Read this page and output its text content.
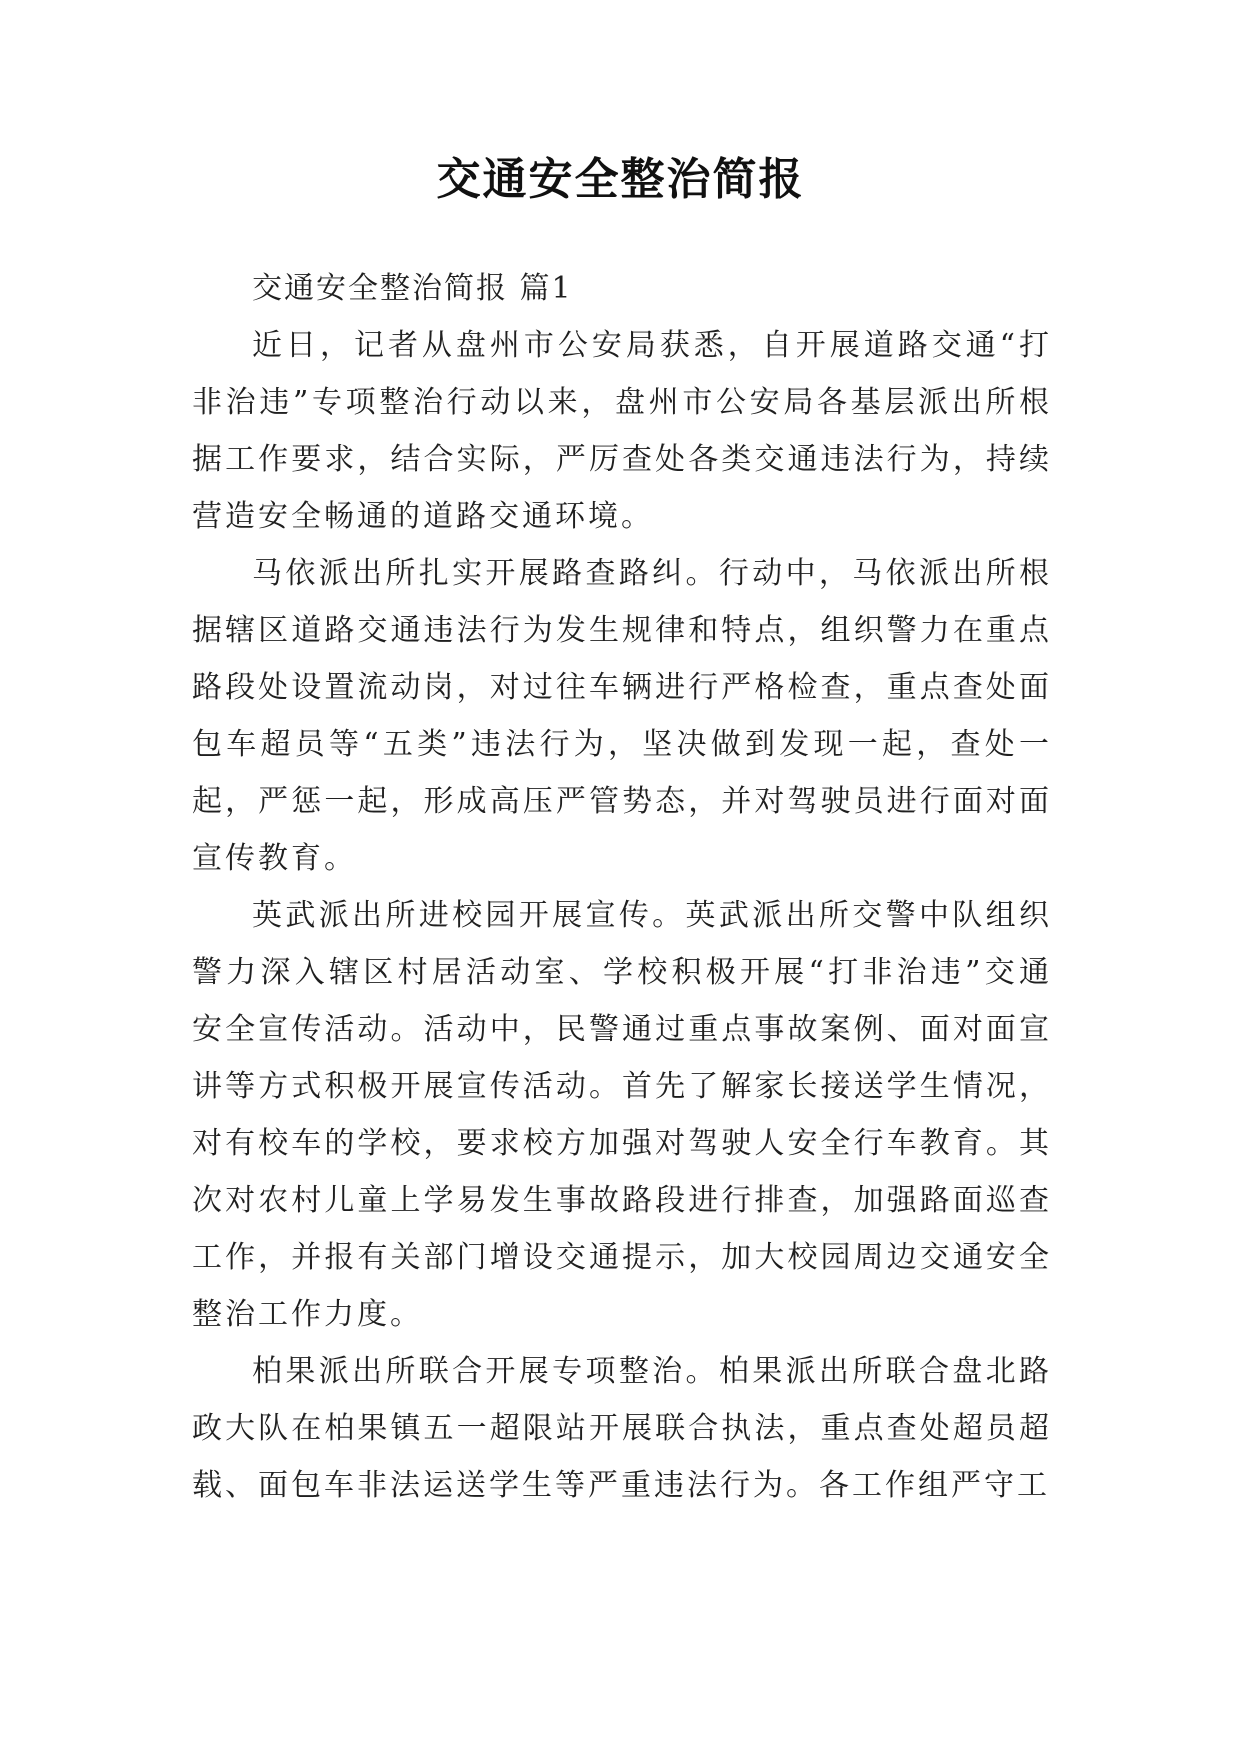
交通安全整治简报

交通安全整治简报 篇1

近日，记者从盘州市公安局获悉，自开展道路交通“打非治违”专项整治行动以来，盘州市公安局各基层派出所根据工作要求，结合实际，严厉查处各类交通违法行为，持续营造安全畅通的道路交通环境。

马依派出所扎实开展路查路纠。行动中，马依派出所根据辖区道路交通违法行为发生规律和特点，组织警力在重点路段处设置流动岗，对过往车辆进行严格检查，重点查处面包车超员等“五类”违法行为，坚决做到发现一起，查处一起，严惩一起，形成高压严管势态，并对驾驶员进行面对面宣传教育。

英武派出所进校园开展宣传。英武派出所交警中队组织警力深入辖区村居活动室、学校积极开展“打非治违”交通安全宣传活动。活动中，民警通过重点事故案例、面对面宣讲等方式积极开展宣传活动。首先了解家长接送学生情况，对有校车的学校，要求校方加强对驾驶人安全行车教育。其次对农村儿童上学易发生事故路段进行排查，加强路面巡查工作，并报有关部门增设交通提示，加大校园周边交通安全整治工作力度。

柏果派出所联合开展专项整治。柏果派出所联合盘北路政大队在柏果镇五一超限站开展联合执法，重点查处超员超载、面包车非法运送学生等严重违法行为。各工作组严守工
